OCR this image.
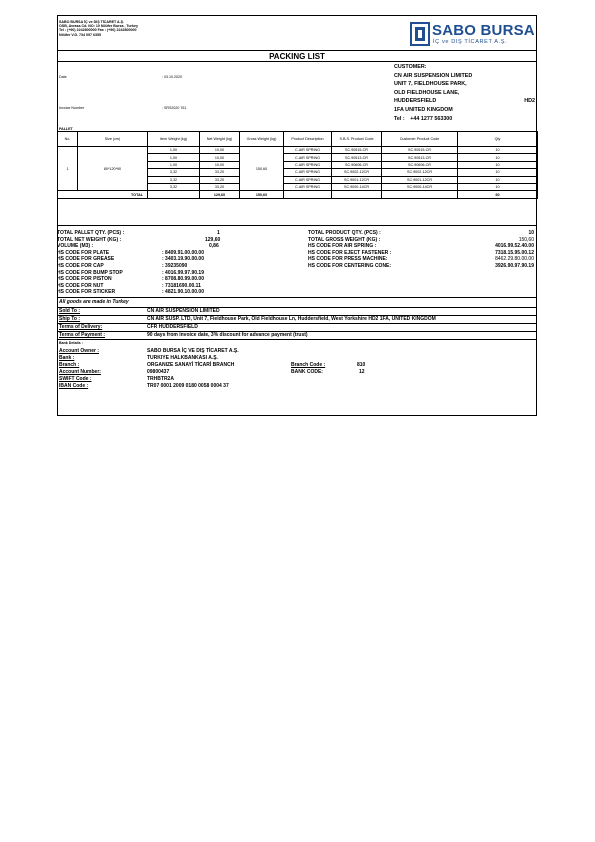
SABO BURSA İÇ ve DIŞ TİCARET A.Ş.
OSB, Avrasa Cd. NO: 10 Nilüfer Bursa , Turkey
Tel : (+90) 2242800000 Fax : (+90) 2242800000
Nilüfer V.D. 734 097 6355	SABO BURSA
İÇ ve DIŞ TİCARET A.Ş.
PACKING LIST
CUSTOMER:
CN AIR SUSPENSION LIMITED
UNIT 7, FIELDHOUSE PARK,
OLD FIELDHOUSE LANE,
HUDDERSFIELD	HD2
1FA UNITED KINGDOM
Tel : +44 1277 563300
Date	: 03.10.2020
Invoice Number	: SRS2020 761
PALLET
No.	Size (cm)	Item Weight (kg)	Net Weight (kg)	Gross Weight (kg)	Product Description	S.B.S. Product Code	Customer Product Code	Qty
1	80*120*90	1,00	10,00	150,60	C.AIR SPRING	SC.90515-CR	SC.90515-CR	10
		1,00	10,00		C.AIR SPRING	SC.90513-CR	SC.90513-CR	10
		1,00	10,00		C.AIR SPRING	SC.90606-CR	SC.90606-CR	10
		3,32	33,20		C.AIR SPRING	SC.9002-12CR	SC.9002-12CR	10
		3,32	33,20		C.AIR SPRING	SC.9001-12CR	SC.9001-12CR	10
		3,32	33,20		C.AIR SPRING	SC.9000-14CR	SC.9000-14CR	10
TOTAL			129,60	150,60				60
TOTAL PALLET QTY. (PCS) :	1
TOTAL NET WEIGHT (KG) :	129,60
VOLUME (M3) :	0,86
HS CODE FOR PLATE	: 8409.91.00.00.00
HS CODE FOR GREASE	: 3403.19.90.00.00
HS CODE FOR CAP	: 39235090
HS CODE FOR BUMP STOP	: 4016.99.97.90.19
HS CODE FOR PISTON	: 8708.80.99.00.00
HS CODE FOR NUT	: 73181690.00.11
HS CODE FOR STICKER	: 4821.90.10.00.00
TOTAL PRODUCT QTY. (PCS) :	10
TOTAL GROSS WEIGHT (KG) :	150,60
HS CODE FOR AIR SPRING :	4016.99.52.40.00
HS CODE FOR EJECT FASTENER :	7318.15.95.00.12
HS CODE FOR PRESS MACHINE:	8462.29.80.00.00
HS CODE FOR CENTERING CONE:	3926.90.97.90.19
All goods are made in Turkey
Sold To :	CN AIR SUSPENSION LIMITED
Ship To :	CN AIR SUSP. LTD, Unit 7, Fieldhouse Park, Old Fieldhouse Ln, Huddersfield, West Yorkshire HD2 1FA, UNITED KINGDOM
Terms of Delivery:	CFR HUDDERSFIELD
Terms of Payment :	90 days from invoice date, 3% discount for advance payment (trust)
Bank Details :
Account Owner :	SABO BURSA İÇ VE DIŞ TİCARET A.Ş.
Bank :	TURKIYE HALKBANKASI A.Ş.
Branch :	ORGANIZE SANAYİ TİCARİ BRANCH	Branch Code :	810
Account Number:	09800437	BANK CODE:	12
SWIFT Code :	TRHBTR2A
IBAN Code :	TR07 0001 2009 0180 0058 0004 37
